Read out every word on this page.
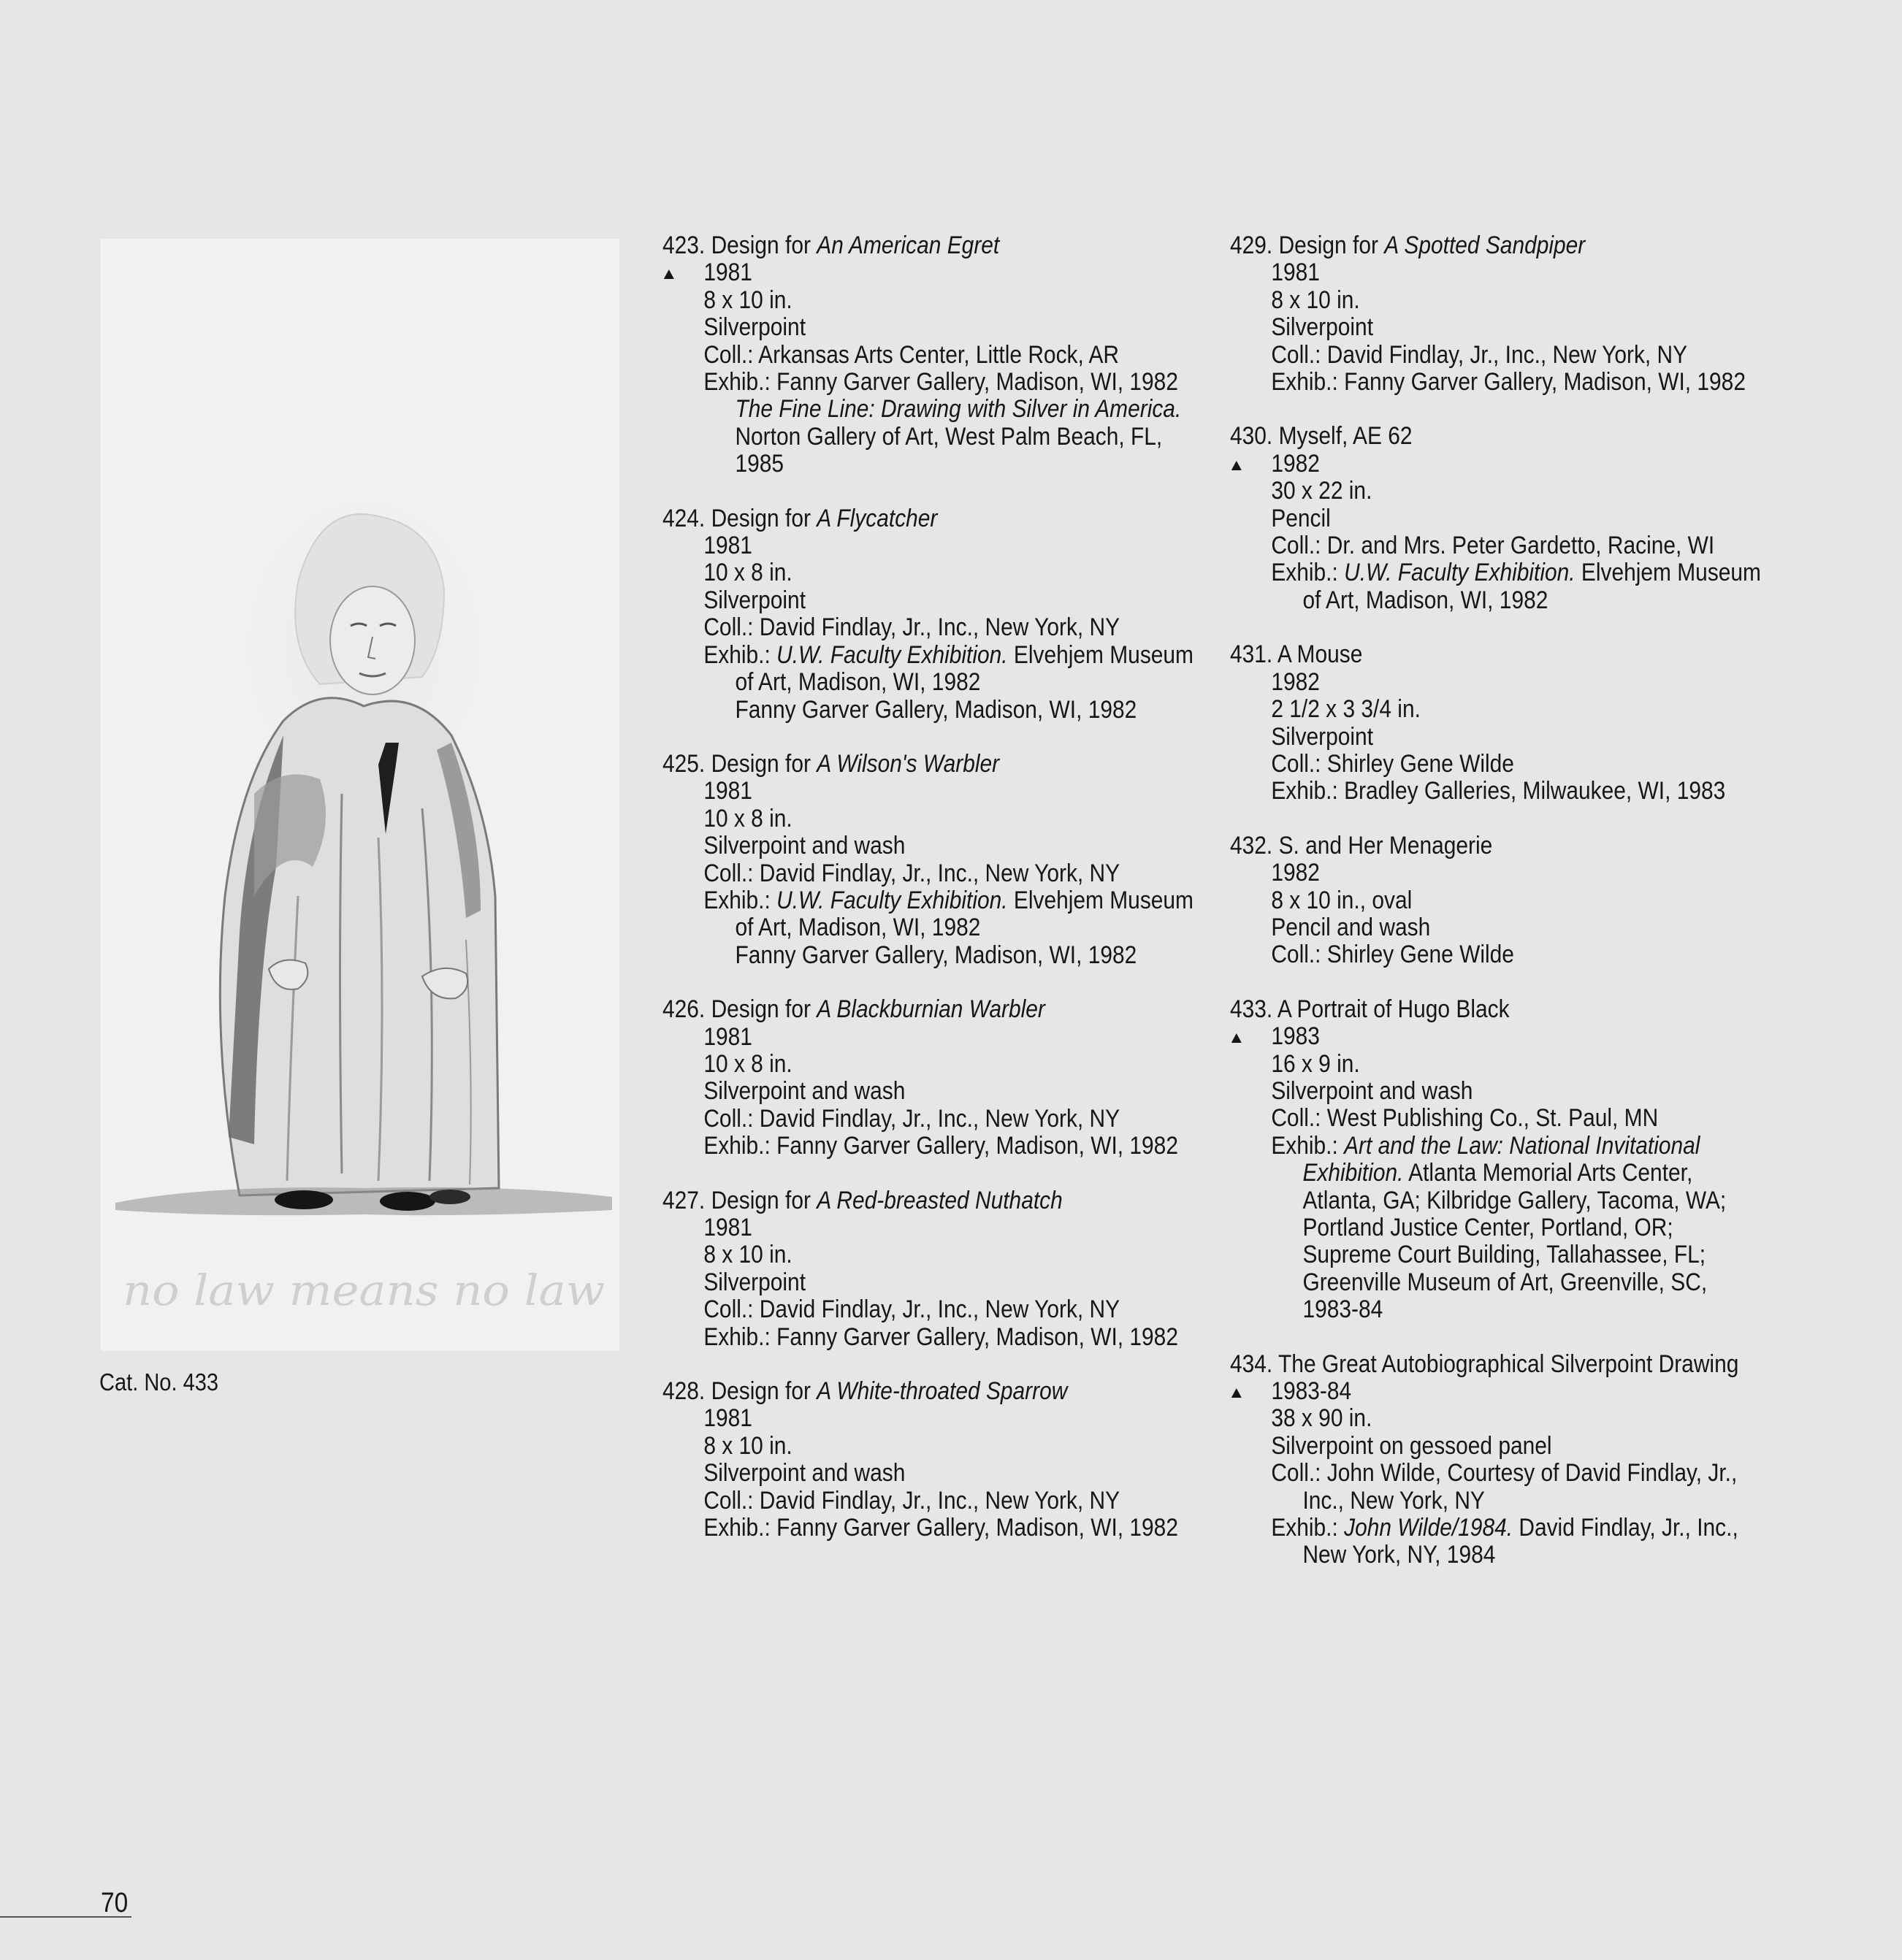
no law means no law
Cat. No. 433
423. Design for An American Egret
1981
8 x 10 in.
Silverpoint
Coll.: Arkansas Arts Center, Little Rock, AR
Exhib.: Fanny Garver Gallery, Madison, WI, 1982
The Fine Line: Drawing with Silver in America.
Norton Gallery of Art, West Palm Beach, FL,
1985
424. Design for A Flycatcher
1981
10 x 8 in.
Silverpoint
Coll.: David Findlay, Jr., Inc., New York, NY
Exhib.: U.W. Faculty Exhibition. Elvehjem Museum
of Art, Madison, WI, 1982
Fanny Garver Gallery, Madison, WI, 1982
425. Design for A Wilson's Warbler
1981
10 x 8 in.
Silverpoint and wash
Coll.: David Findlay, Jr., Inc., New York, NY
Exhib.: U.W. Faculty Exhibition. Elvehjem Museum
of Art, Madison, WI, 1982
Fanny Garver Gallery, Madison, WI, 1982
426. Design for A Blackburnian Warbler
1981
10 x 8 in.
Silverpoint and wash
Coll.: David Findlay, Jr., Inc., New York, NY
Exhib.: Fanny Garver Gallery, Madison, WI, 1982
427. Design for A Red-breasted Nuthatch
1981
8 x 10 in.
Silverpoint
Coll.: David Findlay, Jr., Inc., New York, NY
Exhib.: Fanny Garver Gallery, Madison, WI, 1982
428. Design for A White-throated Sparrow
1981
8 x 10 in.
Silverpoint and wash
Coll.: David Findlay, Jr., Inc., New York, NY
Exhib.: Fanny Garver Gallery, Madison, WI, 1982
429. Design for A Spotted Sandpiper
1981
8 x 10 in.
Silverpoint
Coll.: David Findlay, Jr., Inc., New York, NY
Exhib.: Fanny Garver Gallery, Madison, WI, 1982
430. Myself, AE 62
1982
30 x 22 in.
Pencil
Coll.: Dr. and Mrs. Peter Gardetto, Racine, WI
Exhib.: U.W. Faculty Exhibition. Elvehjem Museum
of Art, Madison, WI, 1982
431. A Mouse
1982
2 1/2 x 3 3/4 in.
Silverpoint
Coll.: Shirley Gene Wilde
Exhib.: Bradley Galleries, Milwaukee, WI, 1983
432. S. and Her Menagerie
1982
8 x 10 in., oval
Pencil and wash
Coll.: Shirley Gene Wilde
433. A Portrait of Hugo Black
1983
16 x 9 in.
Silverpoint and wash
Coll.: West Publishing Co., St. Paul, MN
Exhib.: Art and the Law: National Invitational
Exhibition. Atlanta Memorial Arts Center,
Atlanta, GA; Kilbridge Gallery, Tacoma, WA;
Portland Justice Center, Portland, OR;
Supreme Court Building, Tallahassee, FL;
Greenville Museum of Art, Greenville, SC,
1983-84
434. The Great Autobiographical Silverpoint Drawing
1983-84
38 x 90 in.
Silverpoint on gessoed panel
Coll.: John Wilde, Courtesy of David Findlay, Jr.,
Inc., New York, NY
Exhib.: John Wilde/1984. David Findlay, Jr., Inc.,
New York, NY, 1984
70
